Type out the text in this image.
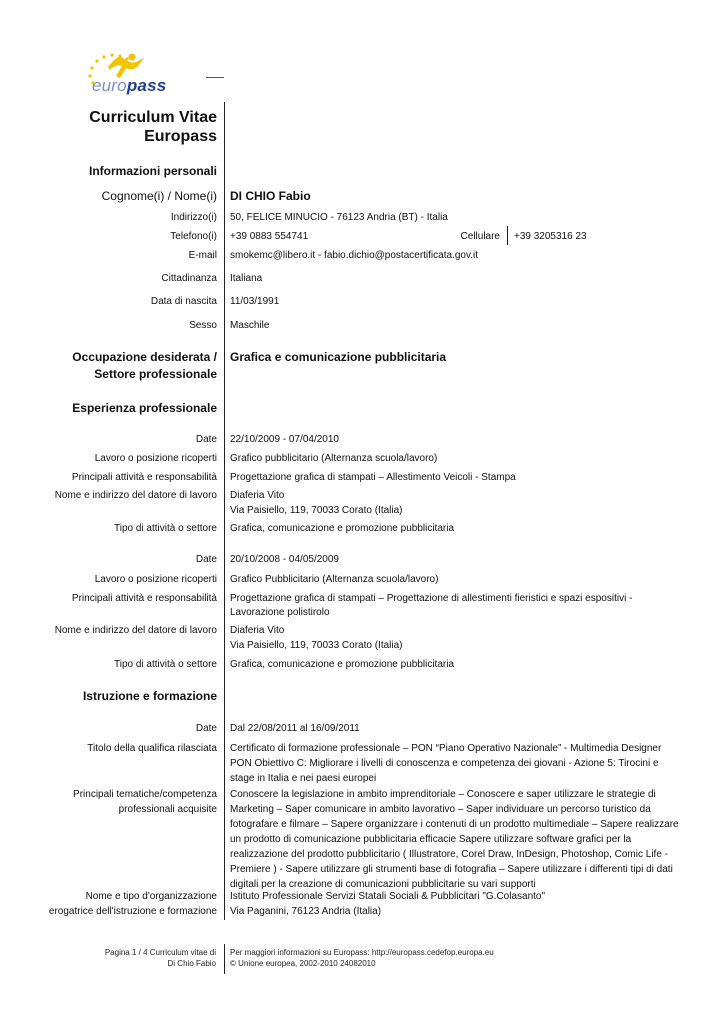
europass
Curriculum Vitae
Europass
Informazioni personali
Cognome(i) / Nome(i) DI CHIO Fabio
Indirizzo(i) 50, FELICE MINUCIO - 76123 Andria (BT) - Italia
Telefono(i) +39 0883 554741	Cellulare +39 3205316 23
E-mail smokemc@libero.it - fabio.dichio@postacertificata.gov.it
Cittadinanza Italiana
Data di nascita 11/03/1991
Sesso Maschile
Occupazione desiderata /
Settore professionale
Grafica e comunicazione pubblicitaria
Esperienza professionale
Date 22/10/2009 - 07/04/2010
Lavoro o posizione ricoperti Grafico pubblicitario (Alternanza scuola/lavoro)
Principali attività e responsabilità Progettazione grafica di stampati – Allestimento Veicoli - Stampa
Nome e indirizzo del datore di lavoro Diaferia Vito
Via Paisiello, 119, 70033 Corato (Italia)
Tipo di attività o settore Grafica, comunicazione e promozione pubblicitaria
Date 20/10/2008 - 04/05/2009
Lavoro o posizione ricoperti Grafico Pubblicitario (Alternanza scuola/lavoro)
Principali attività e responsabilità Progettazione grafica di stampati – Progettazione di allestimenti fieristici e spazi espositivi -
Lavorazione polistirolo
Nome e indirizzo del datore di lavoro Diaferia Vito
Via Paisiello, 119, 70033 Corato (Italia)
Tipo di attività o settore Grafica, comunicazione e promozione pubblicitaria
Istruzione e formazione
Date Dal 22/08/2011 al 16/09/2011
Titolo della qualifica rilasciata Certificato di formazione professionale – PON “Piano Operativo Nazionale” - Multimedia Designer
PON Obiettivo C: Migliorare i livelli di conoscenza e competenza dei giovani - Azione 5: Tirocini e
stage in Italia e nei paesi europei
Principali tematiche/competenza
professionali acquisite
Conoscere la legislazione in ambito imprenditoriale – Conoscere e saper utilizzare le strategie di
Marketing – Saper comunicare in ambito lavorativo – Saper individuare un percorso turistico da
fotografare e filmare – Sapere organizzare i contenuti di un prodotto multimediale – Sapere realizzare
un prodotto di comunicazione pubblicitaria efficacie Sapere utilizzare software grafici per la
realizzazione del prodotto pubblicitario ( Illustratore, Corel Draw, InDesign, Photoshop, Comic Life -
Premiere ) - Sapere utilizzare gli strumenti base di fotografia – Sapere utilizzare i differenti tipi di dati
digitali per la creazione di comunicazioni pubblicitarie su vari supporti
Nome e tipo d'organizzazione
erogatrice dell'istruzione e formazione
Istituto Professionale Servizi Statali Sociali & Pubblicitari "G.Colasanto"
Via Paganini, 76123 Andria (Italia)
Pagina 1 / 4 Curriculum vitae di
Di Chio Fabio
Per maggiori informazioni su Europass: http://europass.cedefop.europa.eu
© Unione europea, 2002-2010 24082010
